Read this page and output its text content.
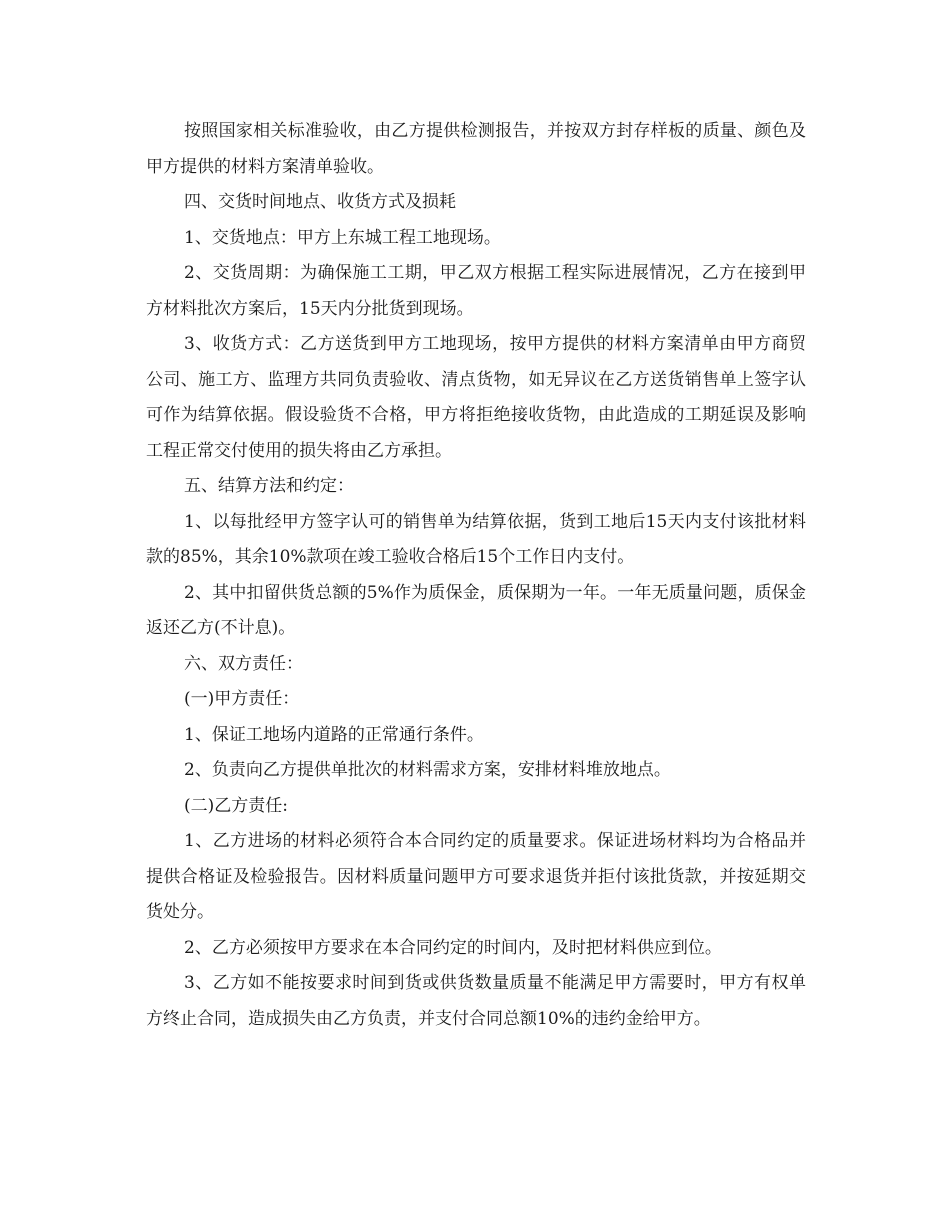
按照国家相关标准验收，由乙方提供检测报告，并按双方封存样板的质量、颜色及甲方提供的材料方案清单验收。

四、交货时间地点、收货方式及损耗

1、交货地点：甲方上东城工程工地现场。

2、交货周期：为确保施工工期，甲乙双方根据工程实际进展情况，乙方在接到甲方材料批次方案后，15天内分批货到现场。

3、收货方式：乙方送货到甲方工地现场，按甲方提供的材料方案清单由甲方商贸公司、施工方、监理方共同负责验收、清点货物，如无异议在乙方送货销售单上签字认可作为结算依据。假设验货不合格，甲方将拒绝接收货物，由此造成的工期延误及影响工程正常交付使用的损失将由乙方承担。

五、结算方法和约定：

1、以每批经甲方签字认可的销售单为结算依据，货到工地后15天内支付该批材料款的85%，其余10%款项在竣工验收合格后15个工作日内支付。

2、其中扣留供货总额的5%作为质保金，质保期为一年。一年无质量问题，质保金返还乙方(不计息)。

六、双方责任：

(一)甲方责任：

1、保证工地场内道路的正常通行条件。

2、负责向乙方提供单批次的材料需求方案，安排材料堆放地点。

(二)乙方责任:

1、乙方进场的材料必须符合本合同约定的质量要求。保证进场材料均为合格品并提供合格证及检验报告。因材料质量问题甲方可要求退货并拒付该批货款，并按延期交货处分。

2、乙方必须按甲方要求在本合同约定的时间内，及时把材料供应到位。

3、乙方如不能按要求时间到货或供货数量质量不能满足甲方需要时，甲方有权单方终止合同，造成损失由乙方负责，并支付合同总额10%的违约金给甲方。
